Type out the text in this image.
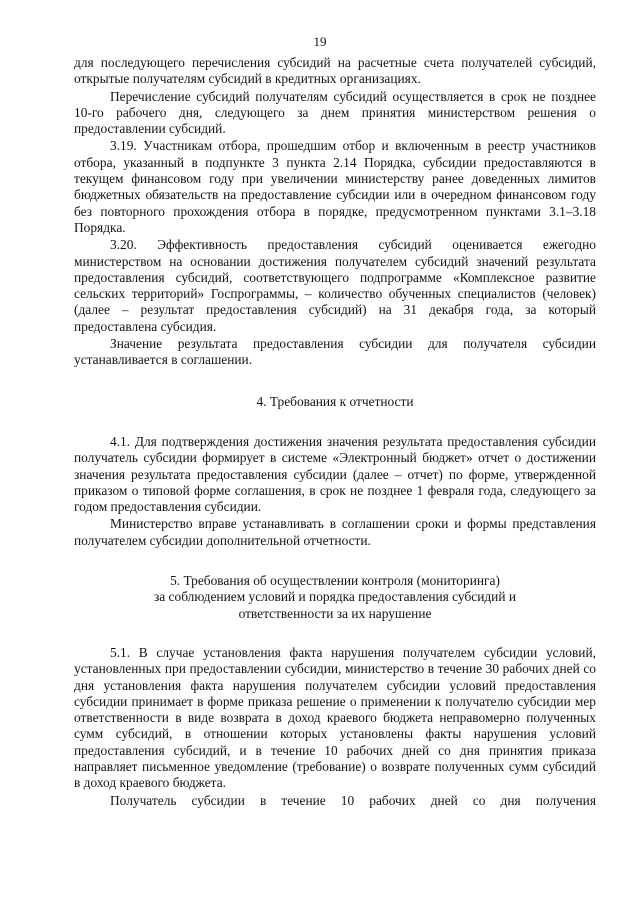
19

для последующего перечисления субсидий на расчетные счета получателей субсидий, открытые получателям субсидий в кредитных организациях.

Перечисление субсидий получателям субсидий осуществляется в срок не позднее 10-го рабочего дня, следующего за днем принятия министерством решения о предоставлении субсидий.

3.19. Участникам отбора, прошедшим отбор и включенным в реестр участников отбора, указанный в подпункте 3 пункта 2.14 Порядка, субсидии предоставляются в текущем финансовом году при увеличении министерству ранее доведенных лимитов бюджетных обязательств на предоставление субсидии или в очередном финансовом году без повторного прохождения отбора в порядке, предусмотренном пунктами 3.1–3.18 Порядка.

3.20. Эффективность предоставления субсидий оценивается ежегодно министерством на основании достижения получателем субсидий значений результата предоставления субсидий, соответствующего подпрограмме «Комплексное развитие сельских территорий» Госпрограммы, – количество обученных специалистов (человек) (далее – результат предоставления субсидий) на 31 декабря года, за который предоставлена субсидия.

Значение результата предоставления субсидии для получателя субсидии устанавливается в соглашении.

4. Требования к отчетности

4.1. Для подтверждения достижения значения результата предоставления субсидии получатель субсидии формирует в системе «Электронный бюджет» отчет о достижении значения результата предоставления субсидии (далее – отчет) по форме, утвержденной приказом о типовой форме соглашения, в срок не позднее 1 февраля года, следующего за годом предоставления субсидии.

Министерство вправе устанавливать в соглашении сроки и формы представления получателем субсидии дополнительной отчетности.

5. Требования об осуществлении контроля (мониторинга)
за соблюдением условий и порядка предоставления субсидий и
ответственности за их нарушение

5.1. В случае установления факта нарушения получателем субсидии условий, установленных при предоставлении субсидии, министерство в течение 30 рабочих дней со дня установления факта нарушения получателем субсидии условий предоставления субсидии принимает в форме приказа решение о применении к получателю субсидии мер ответственности в виде возврата в доход краевого бюджета неправомерно полученных сумм субсидий, в отношении которых установлены факты нарушения условий предоставления субсидий, и в течение 10 рабочих дней со дня принятия приказа направляет письменное уведомление (требование) о возврате полученных сумм субсидий в доход краевого бюджета.

Получатель субсидии в течение 10 рабочих дней со дня получения
